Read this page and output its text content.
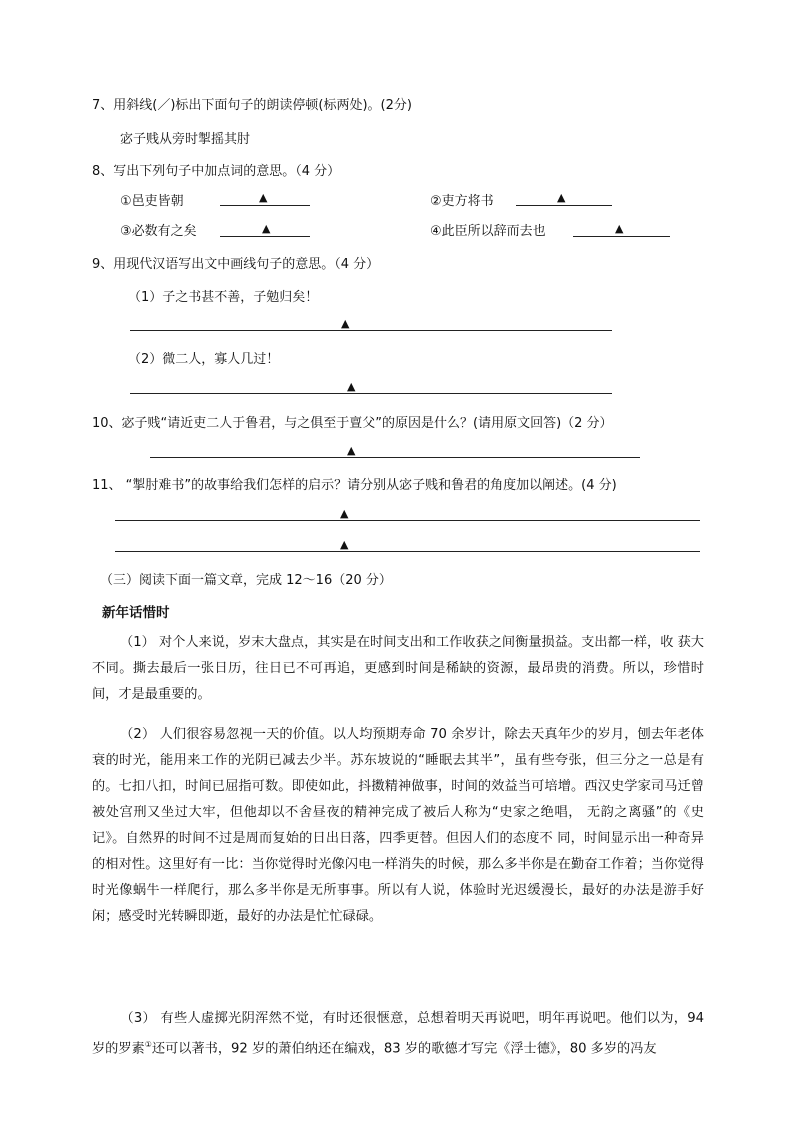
7、用斜线(／)标出下面句子的朗读停顿(标两处)。(2分)
宓子贱从旁时掣摇其肘
8、写出下列句子中加点词的意思。（4 分）
①邑吏皆朝	▲	②吏方将书	▲
③必数有之矣	▲	④此臣所以辞而去也	▲
9、用现代汉语写出文中画线句子的意思。（4 分）
（1）子之书甚不善，子勉归矣！
▲
（2）微二人，寡人几过！
▲
10、宓子贱“请近吏二人于鲁君，与之俱至于亶父”的原因是什么？(请用原文回答)（2 分）
▲
11、 “掣肘难书”的故事给我们怎样的启示？请分别从宓子贱和鲁君的角度加以阐述。(4 分)
▲
▲
（三）阅读下面一篇文章，完成 12～16（20 分）
新年话惜时
（1） 对个人来说，岁末大盘点，其实是在时间支出和工作收获之间衡量损益。支出都一样，收 获大不同。撕去最后一张日历，往日已不可再追，更感到时间是稀缺的资源，最昂贵的消费。所以，珍惜时间，才是最重要的。
（2） 人们很容易忽视一天的价值。以人均预期寿命 70 余岁计，除去天真年少的岁月，刨去年老体衰的时光，能用来工作的光阴已减去少半。苏东坡说的“睡眠去其半”，虽有些夸张，但三分之一总是有的。七扣八扣，时间已屈指可数。即使如此，抖擞精神做事，时间的效益当可培增。西汉史学家司马迁曾被处宫刑又坐过大牢，但他却以不舍昼夜的精神完成了被后人称为“史家之绝唱， 无韵之离骚”的《史记》。自然界的时间不过是周而复始的日出日落，四季更替。但因人们的态度不 同，时间显示出一种奇异的相对性。这里好有一比：当你觉得时光像闪电一样消失的时候，那么多半你是在勤奋工作着；当你觉得时光像蜗牛一样爬行，那么多半你是无所事事。所以有人说，体验时光迟缓漫长，最好的办法是游手好闲；感受时光转瞬即逝，最好的办法是忙忙碌碌。
（3） 有些人虚掷光阴浑然不觉，有时还很惬意，总想着明天再说吧，明年再说吧。他们以为，94 岁的罗素①还可以著书，92 岁的萧伯纳还在编戏，83 岁的歌德才写完《浮士德》，80 多岁的冯友
